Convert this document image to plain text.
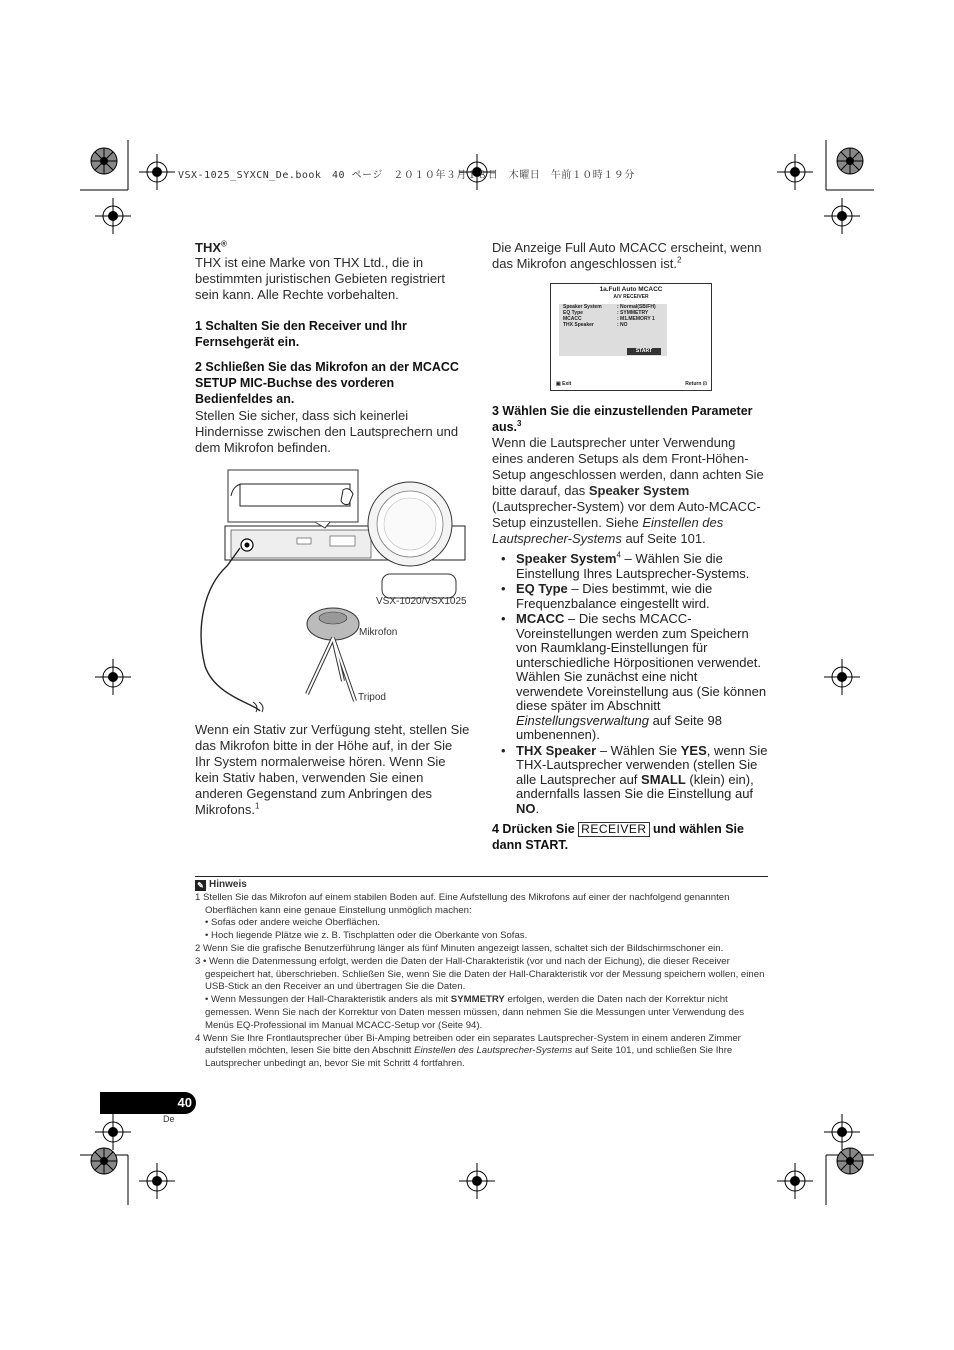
VSX-1025_SYXCN_De.book　40 ページ　２０１０年３月１８日　木曜日　午前１０時１９分
THX®
THX ist eine Marke von THX Ltd., die in bestimmten juristischen Gebieten registriert sein kann. Alle Rechte vorbehalten.
1 Schalten Sie den Receiver und Ihr Fernsehgerät ein.
2 Schließen Sie das Mikrofon an der MCACC SETUP MIC-Buchse des vorderen Bedienfeldes an.
Stellen Sie sicher, dass sich keinerlei Hindernisse zwischen den Lautsprechern und dem Mikrofon befinden.
VSX-1020/VSX1025
Mikrofon
Tripod
Wenn ein Stativ zur Verfügung steht, stellen Sie das Mikrofon bitte in der Höhe auf, in der Sie Ihr System normalerweise hören. Wenn Sie kein Stativ haben, verwenden Sie einen anderen Gegenstand zum Anbringen des Mikrofons.$^1$
Die Anzeige Full Auto MCACC erscheint, wenn das Mikrofon angeschlossen ist.$^2$
1a.Full Auto MCACC
A/V RECEIVER
Speaker System	: Normal(SB/FH)
EQ Type	: SYMMETRY
MCACC	: M1.MEMORY 1
THX Speaker	: NO
START
▣ Exit	Return ⊡
3 Wählen Sie die einzustellenden Parameter aus.$^3$
Wenn die Lautsprecher unter Verwendung eines anderen Setups als dem Front-Höhen-Setup angeschlossen werden, dann achten Sie bitte darauf, das Speaker System (Lautsprecher-System) vor dem Auto-MCACC-Setup einzustellen. Siehe Einstellen des Lautsprecher-Systems auf Seite 101.
• Speaker System$^4$ – Wählen Sie die Einstellung Ihres Lautsprecher-Systems.
• EQ Type – Dies bestimmt, wie die Frequenzbalance eingestellt wird.
• MCACC – Die sechs MCACC-Voreinstellungen werden zum Speichern von Raumklang-Einstellungen für unterschiedliche Hörpositionen verwendet. Wählen Sie zunächst eine nicht verwendete Voreinstellung aus (Sie können diese später im Abschnitt Einstellungsverwaltung auf Seite 98 umbenennen).
• THX Speaker – Wählen Sie YES, wenn Sie THX-Lautsprecher verwenden (stellen Sie alle Lautsprecher auf SMALL (klein) ein), andernfalls lassen Sie die Einstellung auf NO.
4 Drücken Sie RECEIVER und wählen Sie dann START.
✎ Hinweis
1 Stellen Sie das Mikrofon auf einem stabilen Boden auf. Eine Aufstellung des Mikrofons auf einer der nachfolgend genannten Oberflächen kann eine genaue Einstellung unmöglich machen:
• Sofas oder andere weiche Oberflächen.
• Hoch liegende Plätze wie z. B. Tischplatten oder die Oberkante von Sofas.
2 Wenn Sie die grafische Benutzerführung länger als fünf Minuten angezeigt lassen, schaltet sich der Bildschirmschoner ein.
3 • Wenn die Datenmessung erfolgt, werden die Daten der Hall-Charakteristik (vor und nach der Eichung), die dieser Receiver gespeichert hat, überschrieben. Schließen Sie, wenn Sie die Daten der Hall-Charakteristik vor der Messung speichern wollen, einen USB-Stick an den Receiver an und übertragen Sie die Daten.
• Wenn Messungen der Hall-Charakteristik anders als mit SYMMETRY erfolgen, werden die Daten nach der Korrektur nicht gemessen. Wenn Sie nach der Korrektur von Daten messen müssen, dann nehmen Sie die Messungen unter Verwendung des Menüs EQ-Professional im Manual MCACC-Setup vor (Seite 94).
4 Wenn Sie Ihre Frontlautsprecher über Bi-Amping betreiben oder ein separates Lautsprecher-System in einem anderen Zimmer aufstellen möchten, lesen Sie bitte den Abschnitt Einstellen des Lautsprecher-Systems auf Seite 101, und schließen Sie Ihre Lautsprecher unbedingt an, bevor Sie mit Schritt 4 fortfahren.
40
De
